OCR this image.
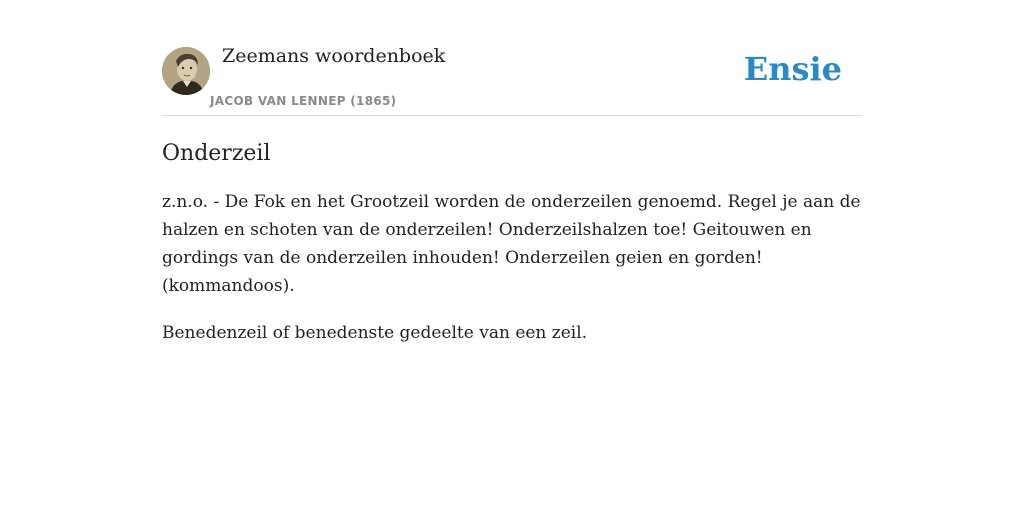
Zeemans woordenboek
JACOB VAN LENNEP (1865)
Ensie
Onderzeil

z.n.o. - De Fok en het Grootzeil worden de onderzeilen genoemd. Regel je aan de halzen en schoten van de onderzeilen! Onderzeilshalzen toe! Geitouwen en gordings van de onderzeilen inhouden! Onderzeilen geien en gorden! (kommandoos).

Benedenzeil of benedenste gedeelte van een zeil.
